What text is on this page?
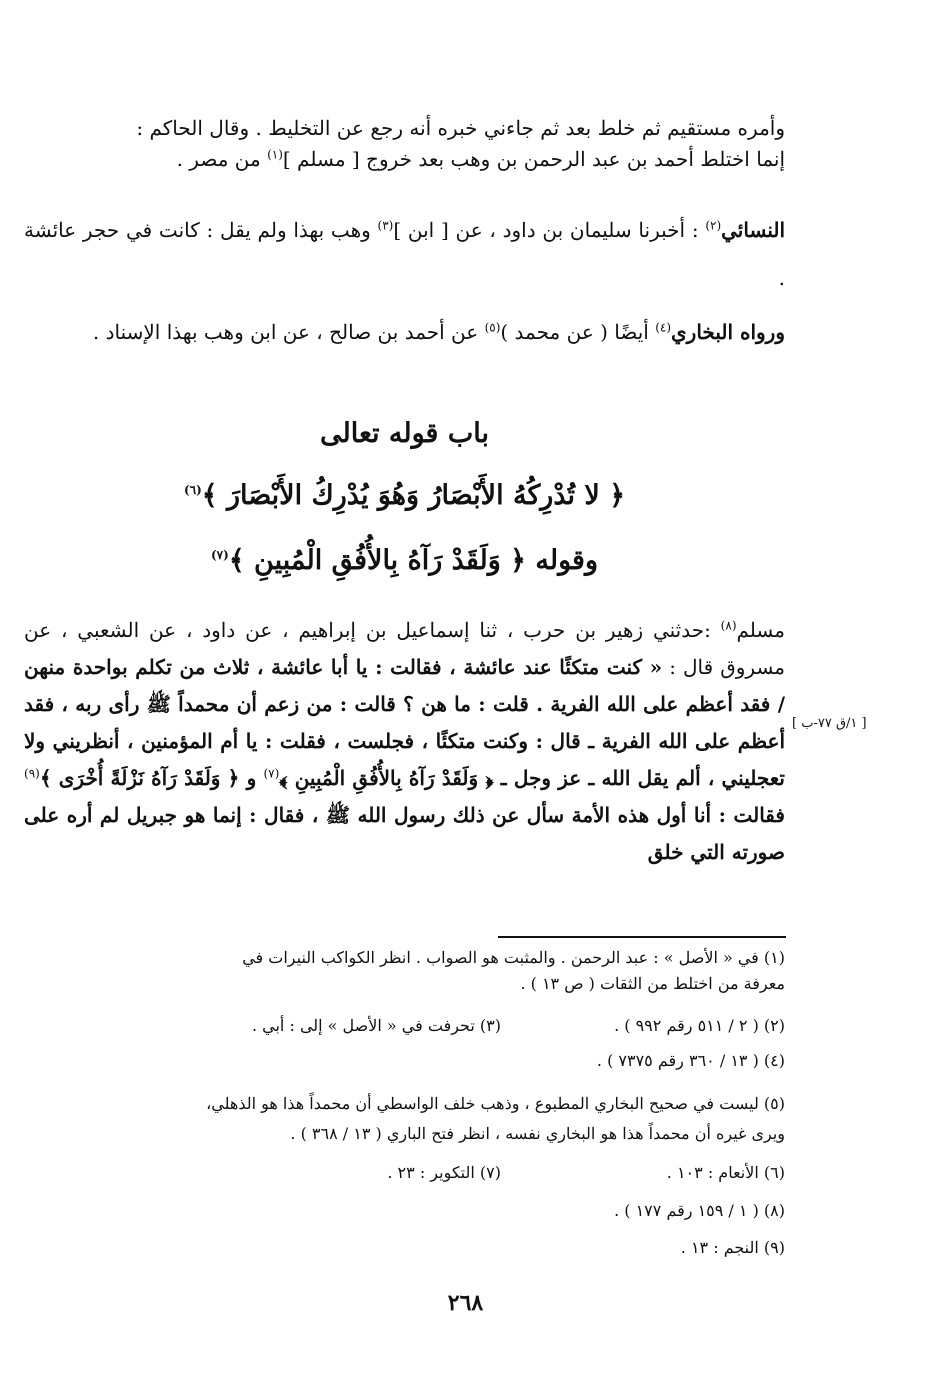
وأمره مستقيم ثم خلط بعد ثم جاءني خبره أنه رجع عن التخليط . وقال الحاكم :

إنما اختلط أحمد بن عبد الرحمن بن وهب بعد خروج [ مسلم ]$^{(١)}$ من مصر .

النسائي$^{(٢)}$ : أخبرنا سليمان بن داود ، عن [ ابن ]$^{(٣)}$ وهب بهذا ولم يقل : كانت في حجر عائشة .

ورواه البخاري$^{(٤)}$ أيضًا ( عن محمد )$^{(٥)}$ عن أحمد بن صالح ، عن ابن وهب بهذا الإسناد .

باب قوله تعالى
﴿ لا تُدْرِكُهُ الأَبْصَارُ وَهُوَ يُدْرِكُ الأَبْصَارَ ﴾$^{(٦)}$
وقوله ﴿ وَلَقَدْ رَآهُ بِالأُفُقِ الْمُبِينِ ﴾$^{(٧)}$

مسلم$^{(٨)}$ :حدثني زهير بن حرب ، ثنا إسماعيل بن إبراهيم ، عن داود ، عن الشعبي ، عن مسروق قال : « كنت متكئًا عند عائشة ، فقالت : يا أبا عائشة ، ثلاث من تكلم بواحدة منهن / فقد أعظم على الله الفرية . قلت : ما هن ؟ قالت : من زعم أن محمداً ﷺ رأى ربه ، فقد أعظم على الله الفرية ـ قال : وكنت متكئًا ، فجلست ، فقلت : يا أم المؤمنين ، أنظريني ولا تعجليني ، ألم يقل الله ـ عز وجل ـ ﴿ وَلَقَدْ رَآهُ بِالأُفُقِ الْمُبِينِ ﴾$^{(٧)}$ و ﴿ وَلَقَدْ رَآهُ نَزْلَةً أُخْرَى ﴾$^{(٩)}$ فقالت : أنا أول هذه الأمة سأل عن ذلك رسول الله ﷺ ، فقال : إنما هو جبريل لم أره على صورته التي خلق

[ ١/ق ٧٧-ب ]

(١) في « الأصل » : عبد الرحمن . والمثبت هو الصواب . انظر الكواكب النيرات في

معرفة من اختلط من الثقات ( ص ١٣ ) .

(٢) ( ٢ / ٥١١ رقم ٩٩٢ ) .
(٣) تحرفت في « الأصل » إلى : أبي .
(٤) ( ١٣ / ٣٦٠ رقم ٧٣٧٥ ) .

(٥) ليست في صحيح البخاري المطبوع ، وذهب خلف الواسطي أن محمداً هذا هو الذهلي،

ويرى غيره أن محمداً هذا هو البخاري نفسه ، انظر فتح الباري ( ١٣ / ٣٦٨ ) .

(٦) الأنعام : ١٠٣ .
(٧) التكوير : ٢٣ .
(٨) ( ١ / ١٥٩ رقم ١٧٧ ) .
(٩) النجم : ١٣ .
٢٦٨
